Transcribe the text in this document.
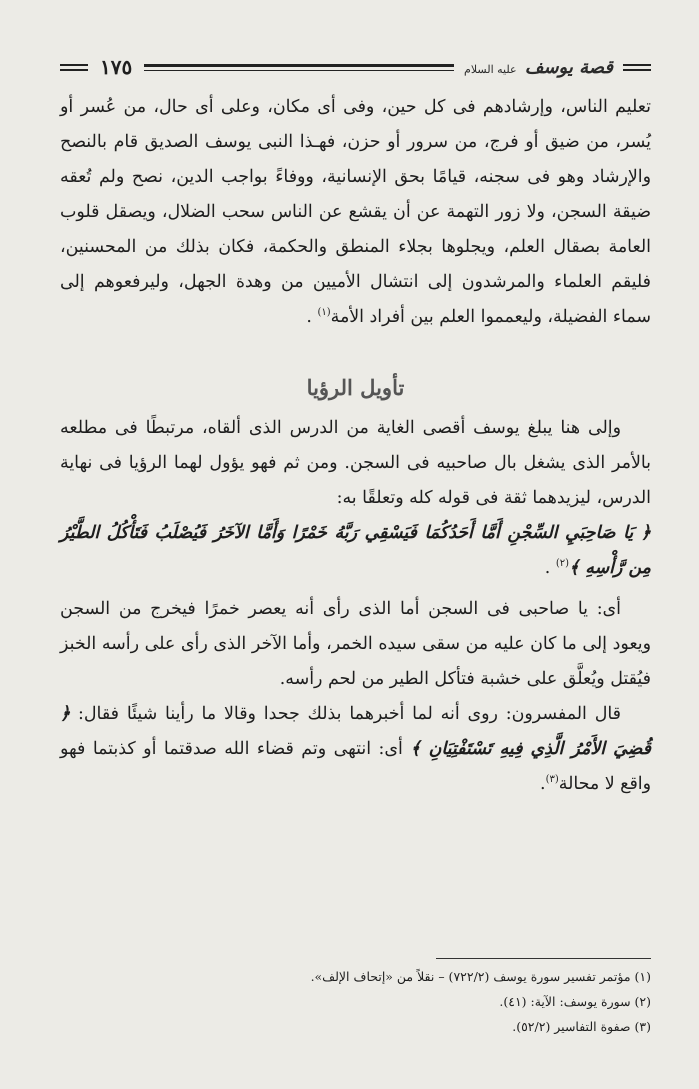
قصة يوسف عليه السلام
١٧٥

تعليم الناس، وإرشادهم فى كل حين، وفى أى مكان، وعلى أى حال، من عُسر أو يُسر، من ضيق أو فرج، من سرور أو حزن، فهـذا النبى يوسف الصديق قام بالنصح والإرشاد وهو فى سجنه، قيامًا بحق الإنسانية، ووفاءً بواجب الدين، نصح ولم تُعقه ضيقة السجن، ولا زور التهمة عن أن يقشع عن الناس سحب الضلال، ويصقل قلوب العامة بصقال العلم، ويجلوها بجلاء المنطق والحكمة، فكان بذلك من المحسنين، فليقم العلماء والمرشدون إلى انتشال الأميين من وهدة الجهل، وليرفعوهم إلى سماء الفضيلة، وليعمموا العلم بين أفراد الأمة$^{(١)}$ .

تأويل الرؤيا

وإلى هنا يبلغ يوسف أقصى الغاية من الدرس الذى ألقاه، مرتبطًا فى مطلعه بالأمر الذى يشغل بال صاحبيه فى السجن. ومن ثم فهو يؤول لهما الرؤيا فى نهاية الدرس، ليزيدهما ثقة فى قوله كله وتعلقًا به:

﴿ يَا صَاحِبَيِ السِّجْنِ أَمَّا أَحَدُكُمَا فَيَسْقِي رَبَّهُ خَمْرًا وَأَمَّا الآخَرُ فَيُصْلَبُ فَتَأْكُلُ الطَّيْرُ مِن رَّأْسِهِ ﴾$^{(٢)}$ .

أى: يا صاحبى فى السجن أما الذى رأى أنه يعصر خمرًا فيخرج من السجن ويعود إلى ما كان عليه من سقى سيده الخمر، وأما الآخر الذى رأى على رأسه الخبز فيُقتل ويُعلَّق على خشبة فتأكل الطير من لحم رأسه.

قال المفسرون: روى أنه لما أخبرهما بذلك جحدا وقالا ما رأينا شيئًا فقال: ﴿ قُضِيَ الأَمْرُ الَّذِي فِيهِ تَسْتَفْتِيَانِ ﴾ أى: انتهى وتم قضاء الله صدقتما أو كذبتما فهو واقع لا محالة$^{(٣)}$.

(١) مؤتمر تفسير سورة يوسف (٧٢٢/٢) – نقلاً من «إتحاف الإلف».

(٢) سورة يوسف: الآية: (٤١).

(٣) صفوة التفاسير (٥٢/٢).
